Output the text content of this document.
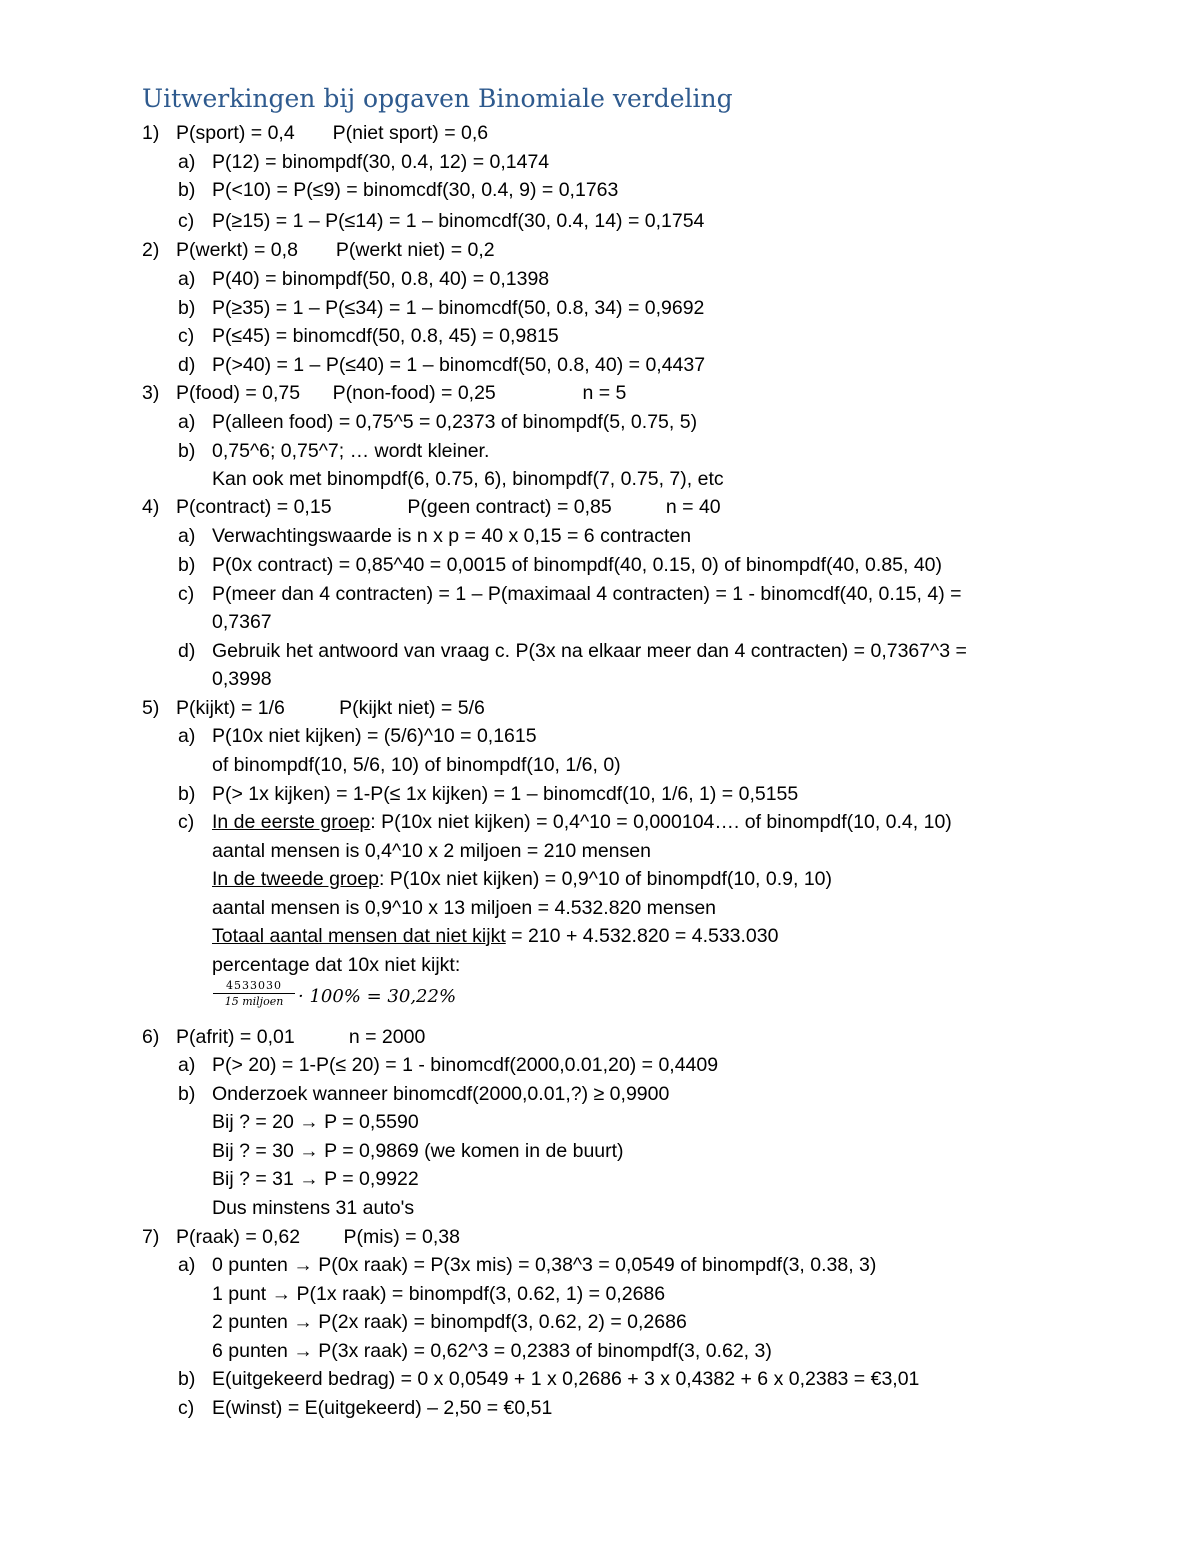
Uitwerkingen bij opgaven Binomiale verdeling
1) P(sport) = 0,4       P(niet sport) = 0,6
a) P(12) = binompdf(30, 0.4, 12) = 0,1474
b) P(<10) = P(≤9) = binomcdf(30, 0.4, 9) = 0,1763
c) P(≥15) = 1 – P(≤14) = 1 – binomcdf(30, 0.4, 14) = 0,1754
2) P(werkt) = 0,8       P(werkt niet) = 0,2
a) P(40) = binompdf(50, 0.8, 40) = 0,1398
b) P(≥35) = 1 – P(≤34) = 1 – binomcdf(50, 0.8, 34) = 0,9692
c) P(≤45) = binomcdf(50, 0.8, 45) = 0,9815
d) P(>40) = 1 – P(≤40) = 1 – binomcdf(50, 0.8, 40) = 0,4437
3) P(food) = 0,75      P(non-food) = 0,25                n = 5
a) P(alleen food) = 0,75^5 = 0,2373 of binompdf(5, 0.75, 5)
b) 0,75^6; 0,75^7; … wordt kleiner.
Kan ook met binompdf(6, 0.75, 6), binompdf(7, 0.75, 7), etc
4) P(contract) = 0,15              P(geen contract) = 0,85          n = 40
a) Verwachtingswaarde is n x p = 40 x 0,15 = 6 contracten
b) P(0x contract) = 0,85^40 = 0,0015 of binompdf(40, 0.15, 0) of binompdf(40, 0.85, 40)
c) P(meer dan 4 contracten) = 1 – P(maximaal 4 contracten) = 1 - binomcdf(40, 0.15, 4) =
0,7367
d) Gebruik het antwoord van vraag c. P(3x na elkaar meer dan 4 contracten) = 0,7367^3 =
0,3998
5) P(kijkt) = 1/6          P(kijkt niet) = 5/6
a) P(10x niet kijken) = (5/6)^10 = 0,1615
of binompdf(10, 5/6, 10) of binompdf(10, 1/6, 0)
b) P(> 1x kijken) = 1-P(≤ 1x kijken) = 1 – binomcdf(10, 1/6, 1) = 0,5155
c) In de eerste groep: P(10x niet kijken) = 0,4^10 = 0,000104…. of binompdf(10, 0.4, 10)
aantal mensen is 0,4^10 x 2 miljoen = 210 mensen
In de tweede groep: P(10x niet kijken) = 0,9^10 of binompdf(10, 0.9, 10)
aantal mensen is 0,9^10 x 13 miljoen = 4.532.820 mensen
Totaal aantal mensen dat niet kijkt = 210 + 4.532.820 = 4.533.030
percentage dat 10x niet kijkt:
6) P(afrit) = 0,01          n = 2000
a) P(> 20) = 1-P(≤ 20) = 1 - binomcdf(2000,0.01,20) = 0,4409
b) Onderzoek wanneer binomcdf(2000,0.01,?) ≥ 0,9900
Bij ? = 20 → P = 0,5590
Bij ? = 30 → P = 0,9869 (we komen in de buurt)
Bij ? = 31 → P = 0,9922
Dus minstens 31 auto's
7) P(raak) = 0,62        P(mis) = 0,38
a) 0 punten → P(0x raak) = P(3x mis) = 0,38^3 = 0,0549 of binompdf(3, 0.38, 3)
1 punt → P(1x raak) = binompdf(3, 0.62, 1) = 0,2686
2 punten → P(2x raak) = binompdf(3, 0.62, 2) = 0,2686
6 punten → P(3x raak) = 0,62^3 = 0,2383 of binompdf(3, 0.62, 3)
b) E(uitgekeerd bedrag) = 0 x 0,0549 + 1 x 0,2686 + 3 x 0,4382 + 6 x 0,2383 = €3,01
c) E(winst) = E(uitgekeerd) – 2,50 = €0,51
4533030
15 miljoen · 100% = 30,22%
